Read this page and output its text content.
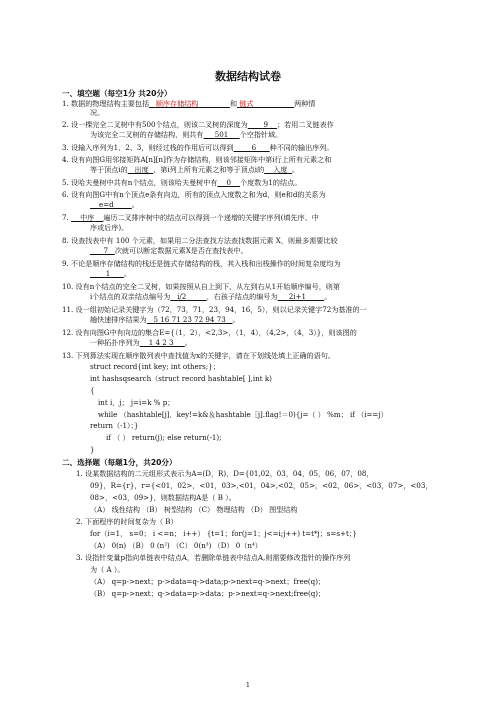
数据结构试卷
一、填空题（每空1分 共20分）
1. 数据的物理结构主要包括 顺序存储结构	和 链式	两种情
况。
2. 设一棵完全二叉树中有500个结点，则该二叉树的深度为 9 ；若用二叉链表作
为该完全二叉树的存储结构，则共有 501 个空指针域。
3. 设输入序列为1、2、3，则经过栈的作用后可以得到	6 种不同的输出序列。
4. 设有向图G用邻接矩阵A[n][n]作为存储结构，则该邻接矩阵中第i行上所有元素之和
等于顶点i的 出度 ，第i列上所有元素之和等于顶点i的 入度 。
5. 设哈夫曼树中共有n个结点，则该哈夫曼树中有 0 个度数为1的结点。
6. 设有向图G中有n个顶点e条有向边，所有的顶点入度数之和为d，则e和d的关系为
e=d	。
7.     中序 遍历二叉排序树中的结点可以得到一个递增的关键字序列(填先序、中
序或后序)。
8. 设查找表中有 100 个元素，如果用二分法查找方法查找数据元素 X，则最多需要比较
7 次就可以断定数据元素X是否在查找表中。
9. 不论是顺序存储结构的栈还是链式存储结构的栈，其入栈和出栈操作的时间复杂度均为
1 。
10. 设有n个结点的完全二叉树，如果按照从自上到下、从左到右从1开始顺序编号，则第
i个结点的双亲结点编号为 i/2	，右孩子结点的编号为 2i+1	。
11. 设一组初始记录关键字为（72，73，71，23，94，16，5），则以记录关键字72为基准的一
趟快速排序结果为 5 16 71 23 72 94 73 。
12. 设有向图G中有向边的集合E={（1，2），<2,3>，（1，4），（4,2>，（4，3）}，则该图的
一种拓扑序列为 1 4 2 3 。
13. 下列算法实现在顺序散列表中查找值为x的关键字，请在下划线处填上正确的语句。
struct record{int key; int others;}；
int hashsqsearch（struct record hashtable[ ],int k)
{
int i，j； j=i=k % p；
while （hashtable[j]．key!=k&＆hashtable［j].flag!＝0){j=（ ） %m； if （i==j）
return（-1）；}
if （ ） return(j); else return(-1);
}
二、选择题（每题1分，共20分）
1. 设某数据结构的二元组形式表示为A=(D，R)，D={01,02，03，04，05，06，07，08，
09}，R={r}，r={<01，02>，<01，03>,<01，04>,<02，05>，<02，06>，<03，07>，<03，
08>，<03，09>}，则数据结构A是（ B ）。
（A） 线性结构 （B） 树型结构 （C） 物理结构 （D） 图型结构
2. 下面程序的时间复杂为（ B）
for（i=1， s=0； i <=n； i++） {t=1；for(j=1；j<=i;j++) t=t*j；s=s+t；}
（A） 0(n) （B） 0 (n²) （C） 0(n³) （D） 0（n⁴）
3. 设指针变量p指向单链表中结点A，若删除单链表中结点A,则需要修改指针的操作序列
为（ A ）。
（A） q=p->next；p->data=q->data;p->next=q->next；free(q)；
（B） q=p->next；q->data=p->data；p->next=q->next;free(q)；
1
